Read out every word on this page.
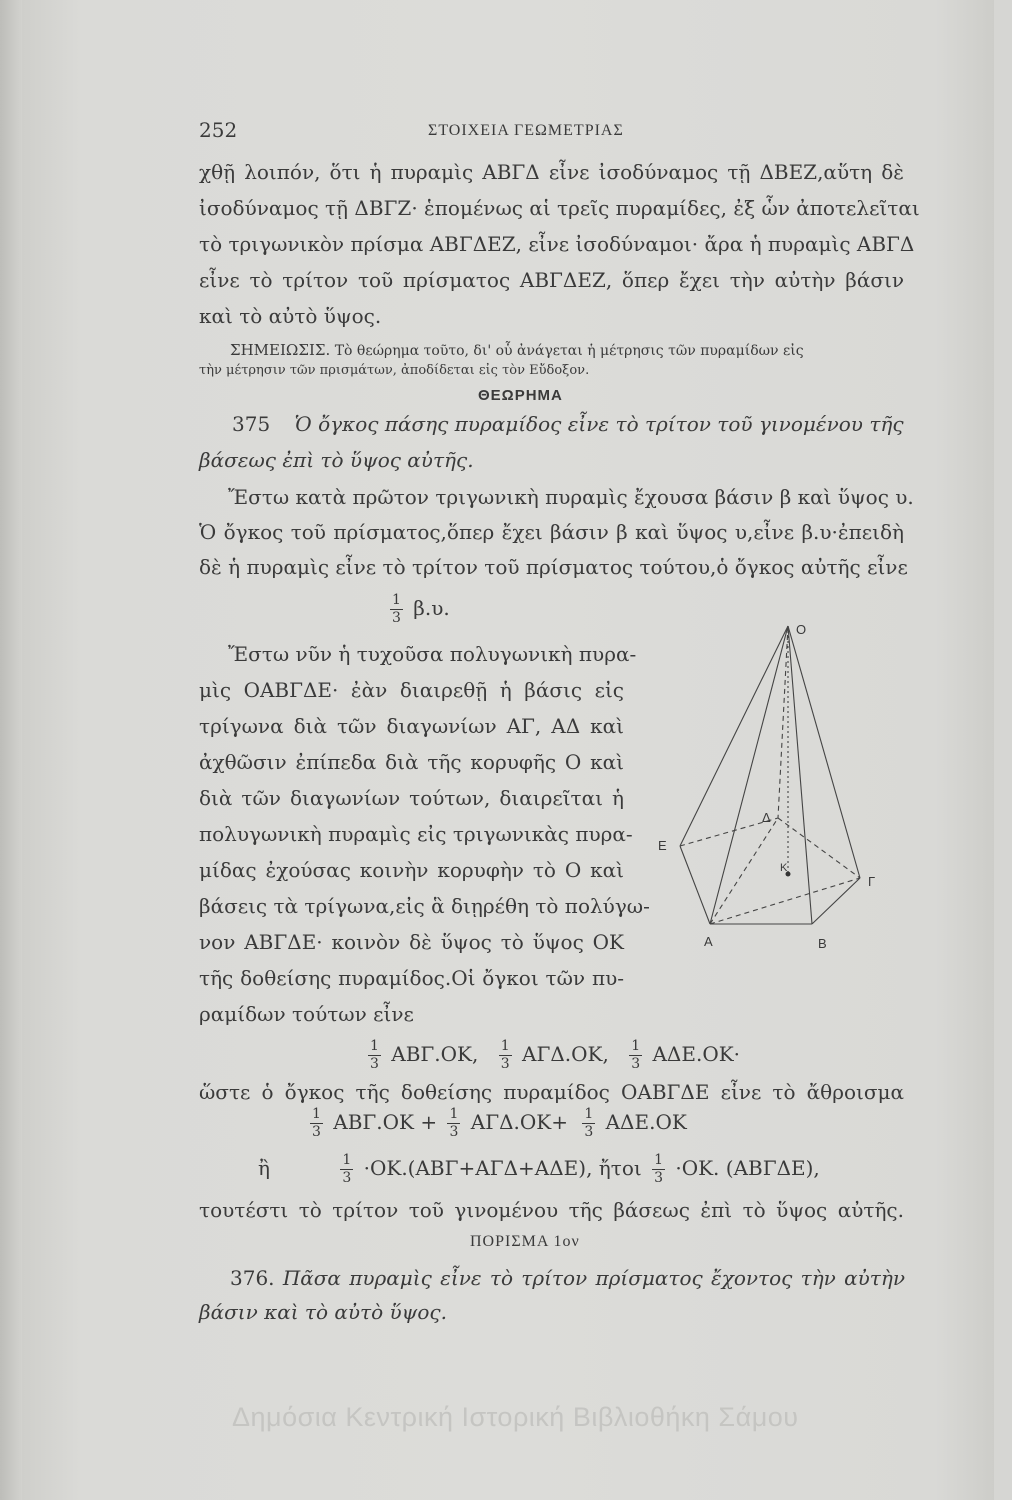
252	ΣΤΟΙΧΕΙΑ ΓΕΩΜΕΤΡΙΑΣ
χθῇ λοιπόν, ὅτι ἡ πυραμὶς ΑΒΓΔ εἶνε ἰσοδύναμος τῇ ΔΒΕΖ,αὕτη δὲ
ἰσοδύναμος τῇ ΔΒΓΖ· ἑπομένως αἱ τρεῖς πυραμίδες, ἐξ ὧν ἀποτελεῖται
τὸ τριγωνικὸν πρίσμα ΑΒΓΔΕΖ, εἶνε ἰσοδύναμοι· ἄρα ἡ πυραμὶς ΑΒΓΔ
εἶνε τὸ τρίτον τοῦ πρίσματος ΑΒΓΔΕΖ, ὅπερ ἔχει τὴν αὐτὴν βάσιν
καὶ τὸ αὐτὸ ὕψος.
ΣΗΜΕΙΩΣΙΣ. Τὸ θεώρημα τοῦτο, δι' οὗ ἀνάγεται ἡ μέτρησις τῶν πυραμίδων εἰς
τὴν μέτρησιν τῶν πρισμάτων, ἀποδίδεται εἰς τὸν Εὔδοξον.
ΘΕΩΡΗΜΑ
375 Ὁ ὄγκος πάσης πυραμίδος εἶνε τὸ τρίτον τοῦ γινομένου τῆς
βάσεως ἐπὶ τὸ ὕψος αὐτῆς.
Ἔστω κατὰ πρῶτον τριγωνικὴ πυραμὶς ἔχουσα βάσιν β καὶ ὕψος υ.
Ὁ ὄγκος τοῦ πρίσματος,ὅπερ ἔχει βάσιν β καὶ ὕψος υ,εἶνε β.υ·ἐπειδὴ
δὲ ἡ πυραμὶς εἶνε τὸ τρίτον τοῦ πρίσματος τούτου,ὁ ὄγκος αὐτῆς εἶνε
$\frac{1}{3} \beta.\upsilon$.
Ἔστω νῦν ἡ τυχοῦσα πολυγωνικὴ πυρα-
μὶς ΟΑΒΓΔΕ· ἐὰν διαιρεθῇ ἡ βάσις εἰς
τρίγωνα διὰ τῶν διαγωνίων ΑΓ, ΑΔ καὶ
ἀχθῶσιν ἐπίπεδα διὰ τῆς κορυφῆς Ο καὶ
διὰ τῶν διαγωνίων τούτων, διαιρεῖται ἡ
πολυγωνικὴ πυραμὶς εἰς τριγωνικὰς πυρα-
μίδας ἐχούσας κοινὴν κορυφὴν τὸ Ο καὶ
βάσεις τὰ τρίγωνα,εἰς ἃ διῃρέθη τὸ πολύγω-
νον ΑΒΓΔΕ· κοινὸν δὲ ὕψος τὸ ὕψος ΟΚ
τῆς δοθείσης πυραμίδος.Οἱ ὄγκοι τῶν πυ-
ραμίδων τούτων εἶνε
O
Δ
E
K
Γ
A	B
$\frac{1}{3} AB\Gamma.OK$, $\frac{1}{3} A\Gamma\Delta.OK$, $\frac{1}{3} A\Delta E.OK\cdot$
ὥστε ὁ ὄγκος τῆς δοθείσης πυραμίδος ΟΑΒΓΔΕ εἶνε τὸ ἄθροισμα
$\frac{1}{3} AB\Gamma.OK + \frac{1}{3} A\Gamma\Delta.OK+ \frac{1}{3} A\Delta E.OK$
ἢ	$\frac{1}{3} \cdot OK.(AB\Gamma+A\Gamma\Delta+A\Delta E)$, ἤτοι $\frac{1}{3} \cdot OK$. (ΑΒΓΔΕ),
τουτέστι τὸ τρίτον τοῦ γινομένου τῆς βάσεως ἐπὶ τὸ ὕψος αὐτῆς.
ΠΟΡΙΣΜΑ 1ον
376. Πᾶσα πυραμὶς εἶνε τὸ τρίτον πρίσματος ἔχοντος τὴν αὐτὴν
βάσιν καὶ τὸ αὐτὸ ὕψος.
Δημόσια Κεντρική Ιστορική Βιβλιοθήκη Σάμου
